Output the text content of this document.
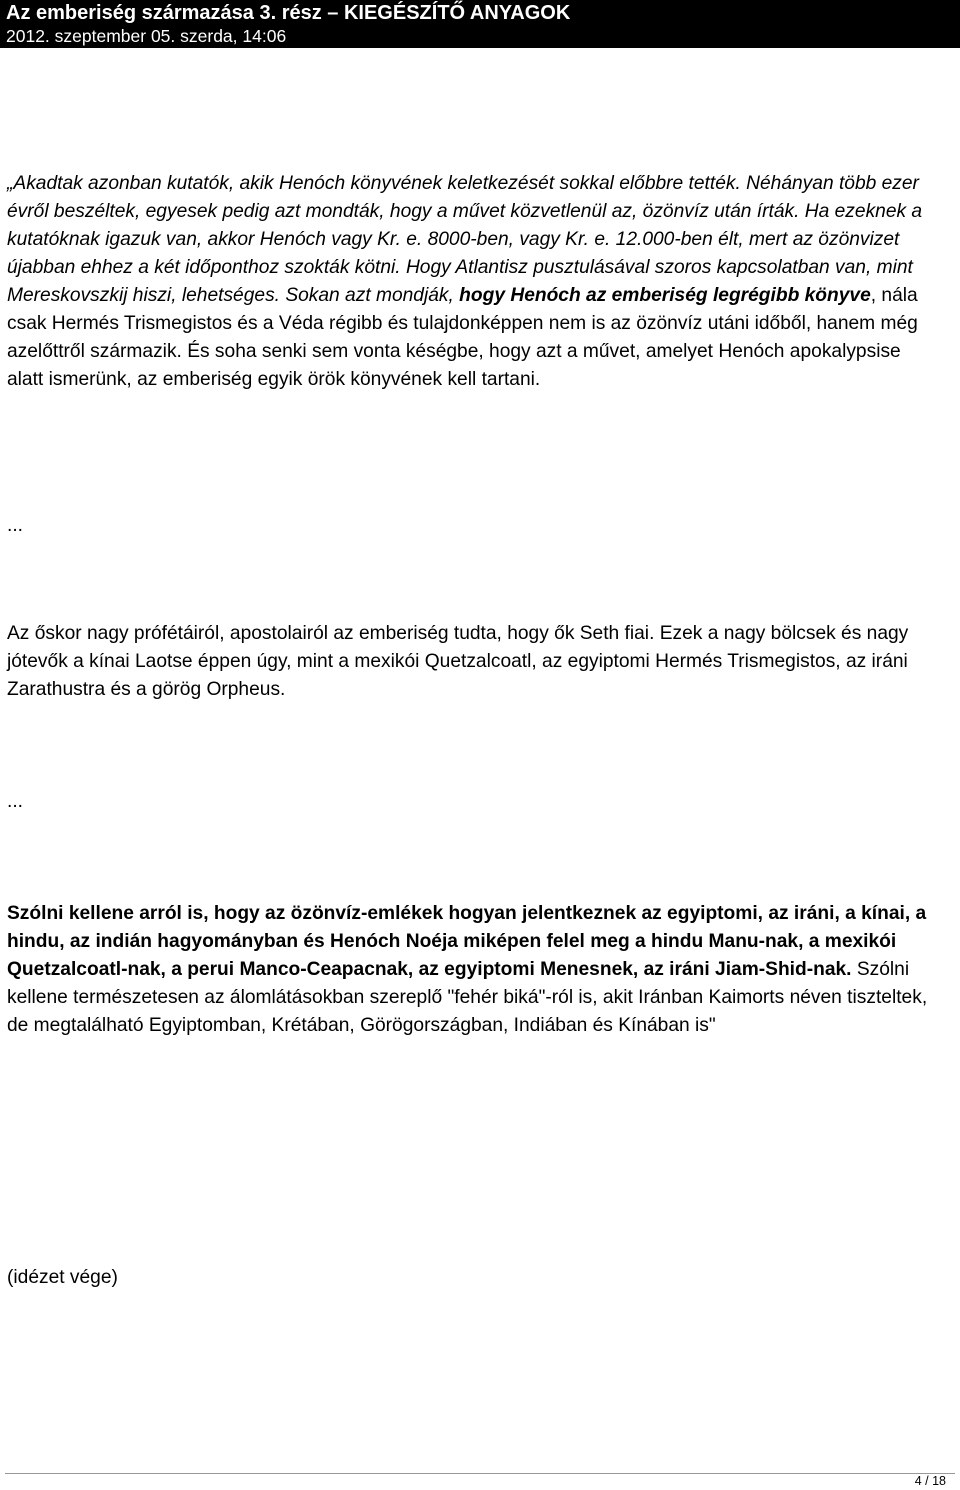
Az emberiség származása 3. rész – KIEGÉSZÍTŐ ANYAGOK
2012. szeptember 05. szerda, 14:06

„Akadtak azonban kutatók, akik Henóch könyvének keletkezését sokkal előbbre tették. Néhányan több ezer évről beszéltek, egyesek pedig azt mondták, hogy a művet közvetlenül az, özönvíz után írták. Ha ezeknek a kutatóknak igazuk van, akkor Henóch vagy Kr. e. 8000-ben, vagy Kr. e. 12.000-ben élt, mert az özönvizet újabban ehhez a két időponthoz szokták kötni. Hogy Atlantisz pusztulásával szoros kapcsolatban van, mint Mereskovszkij hiszi, lehetséges. Sokan azt mondják, hogy Henóch az emberiség legrégibb könyve, nála csak Hermés Trismegistos és a Véda régibb és tulajdonképpen nem is az özönvíz utáni időből, hanem még azelőttről származik. És soha senki sem vonta késégbe, hogy azt a művet, amelyet Henóch apokalypsise alatt ismerünk, az emberiség egyik örök könyvének kell tartani.

...
Az őskor nagy prófétáiról, apostolairól az emberiség tudta, hogy ők Seth fiai. Ezek a nagy bölcsek és nagy jótevők a kínai Laotse éppen úgy, mint a mexikói Quetzalcoatl, az egyiptomi Hermés Trismegistos, az iráni Zarathustra és a görög Orpheus.
...

Szólni kellene arról is, hogy az özönvíz-emlékek hogyan jelentkeznek az egyiptomi, az iráni, a kínai, a hindu, az indián hagyományban és Henóch Noéja miképen felel meg a hindu Manu-nak, a mexikói Quetzalcoatl-nak, a perui Manco-Ceapacnak, az egyiptomi Menesnek, az iráni Jiam-Shid-nak. Szólni kellene természetesen az álomlátásokban szereplő "fehér biká"-ról is, akit Iránban Kaimorts néven tiszteltek, de megtalálható Egyiptomban, Krétában, Görögországban, Indiában és Kínában is"

(idézet vége)
4 / 18
